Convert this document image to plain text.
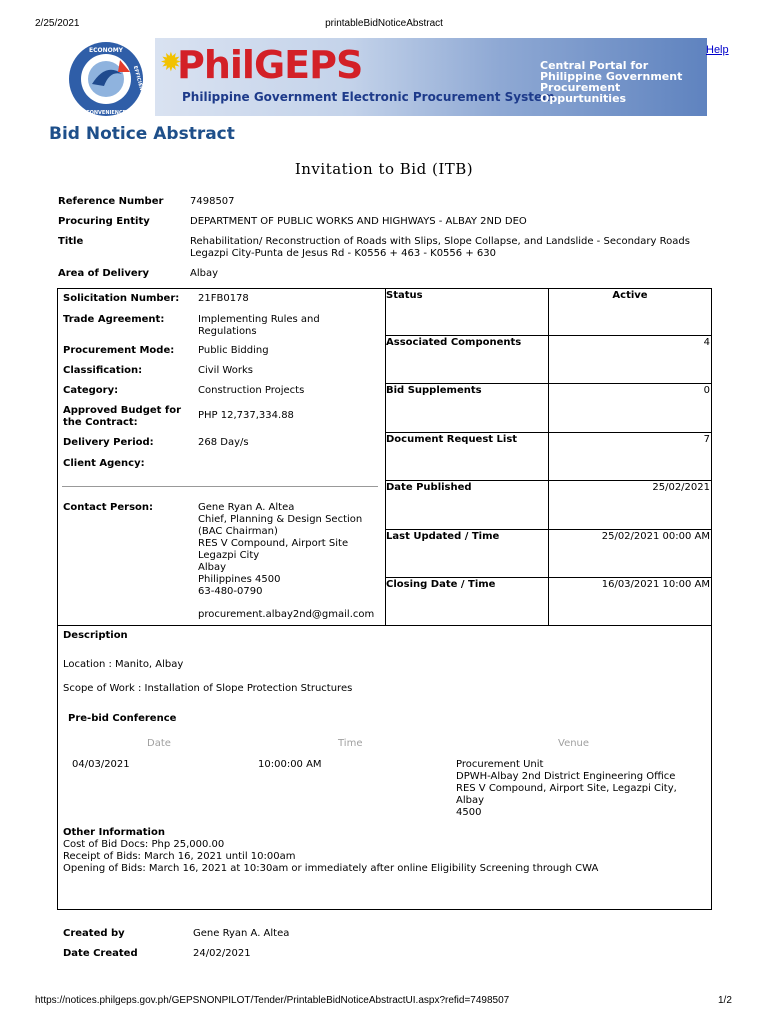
2/25/2021	printableBidNoticeAbstract
ECONOMY
CONVENIENCE
EFFICIENCY
✹
PhilGEPS
Philippine Government Electronic Procurement System
Central Portal for
Philippine Government
Procurement Oppurtunities
Help
Bid Notice Abstract
Invitation to Bid (ITB)
Reference Number	7498507
Procuring Entity	DEPARTMENT OF PUBLIC WORKS AND HIGHWAYS - ALBAY 2ND DEO
Title	Rehabilitation/ Reconstruction of Roads with Slips, Slope Collapse, and Landslide - Secondary Roads
Legazpi City-Punta de Jesus Rd - K0556 + 463 - K0556 + 630
Area of Delivery	Albay
Solicitation Number: 21FB0178
Trade Agreement:	Implementing Rules and
Regulations
Procurement Mode: Public Bidding
Classification:	Civil Works
Category:	Construction Projects
Approved Budget for
the Contract:
PHP 12,737,334.88
Delivery Period:	268 Day/s
Client Agency:
Contact Person:	Gene Ryan A. Altea
Chief, Planning & Design Section
(BAC Chairman)
RES V Compound, Airport Site
Legazpi City
Albay
Philippines 4500
63-480-0790
procurement.albay2nd@gmail.com
Status	Active
Associated Components	4
Bid Supplements	0
Document Request List	7
Date Published	25/02/2021
Last Updated / Time	25/02/2021 00:00 AM
Closing Date / Time	16/03/2021 10:00 AM
Description
Location : Manito, Albay
Scope of Work : Installation of Slope Protection Structures
Pre-bid Conference
Date	Time	Venue
04/03/2021	10:00:00 AM	Procurement Unit
DPWH-Albay 2nd District Engineering Office
RES V Compound, Airport Site, Legazpi City,
Albay
4500
Other Information
Cost of Bid Docs: Php 25,000.00
Receipt of Bids: March 16, 2021 until 10:00am
Opening of Bids: March 16, 2021 at 10:30am or immediately after online Eligibility Screening through CWA
Created by	Gene Ryan A. Altea
Date Created	24/02/2021
https://notices.philgeps.gov.ph/GEPSNONPILOT/Tender/PrintableBidNoticeAbstractUI.aspx?refid=7498507	1/2
